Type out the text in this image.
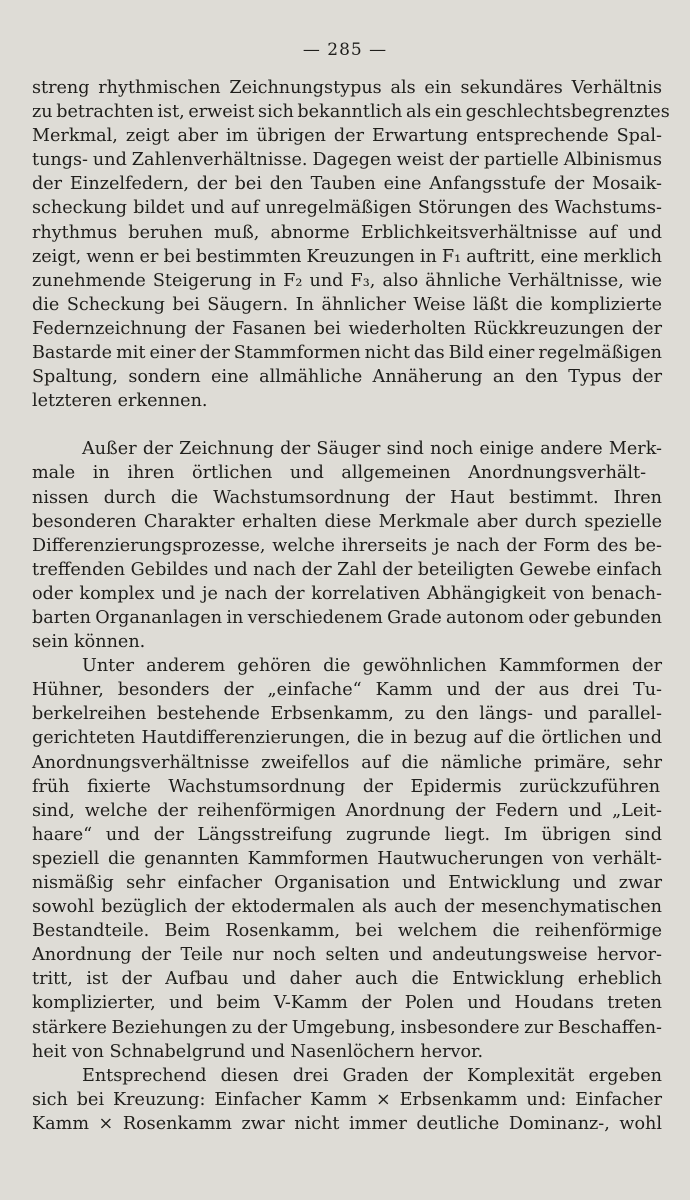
— 285 —

streng rhythmischen Zeichnungstypus als ein sekundäres Verhältnis
zu betrachten ist, erweist sich bekanntlich als ein geschlechtsbegrenztes
Merkmal, zeigt aber im übrigen der Erwartung entsprechende Spal-
tungs- und Zahlenverhältnisse. Dagegen weist der partielle Albinismus
der Einzelfedern, der bei den Tauben eine Anfangsstufe der Mosaik-
scheckung bildet und auf unregelmäßigen Störungen des Wachstums-
rhythmus beruhen muß, abnorme Erblichkeitsverhältnisse auf und
zeigt, wenn er bei bestimmten Kreuzungen in F₁ auftritt, eine merklich
zunehmende Steigerung in F₂ und F₃, also ähnliche Verhältnisse, wie
die Scheckung bei Säugern. In ähnlicher Weise läßt die komplizierte
Federnzeichnung der Fasanen bei wiederholten Rückkreuzungen der
Bastarde mit einer der Stammformen nicht das Bild einer regelmäßigen
Spaltung, sondern eine allmähliche Annäherung an den Typus der
letzteren erkennen.

Außer der Zeichnung der Säuger sind noch einige andere Merk-
male in ihren örtlichen und allgemeinen Anordnungsverhält-
nissen durch die Wachstumsordnung der Haut bestimmt. Ihren
besonderen Charakter erhalten diese Merkmale aber durch spezielle
Differenzierungsprozesse, welche ihrerseits je nach der Form des be-
treffenden Gebildes und nach der Zahl der beteiligten Gewebe einfach
oder komplex und je nach der korrelativen Abhängigkeit von benach-
barten Organanlagen in verschiedenem Grade autonom oder gebunden
sein können.

Unter anderem gehören die gewöhnlichen Kammformen der
Hühner, besonders der „einfache“ Kamm und der aus drei Tu-
berkelreihen bestehende Erbsenkamm, zu den längs- und parallel-
gerichteten Hautdifferenzierungen, die in bezug auf die örtlichen und
Anordnungsverhältnisse zweifellos auf die nämliche primäre, sehr
früh fixierte Wachstumsordnung der Epidermis zurückzuführen
sind, welche der reihenförmigen Anordnung der Federn und „Leit-
haare“ und der Längsstreifung zugrunde liegt. Im übrigen sind
speziell die genannten Kammformen Hautwucherungen von verhält-
nismäßig sehr einfacher Organisation und Entwicklung und zwar
sowohl bezüglich der ektodermalen als auch der mesenchymatischen
Bestandteile. Beim Rosenkamm, bei welchem die reihenförmige
Anordnung der Teile nur noch selten und andeutungsweise hervor-
tritt, ist der Aufbau und daher auch die Entwicklung erheblich
komplizierter, und beim V-Kamm der Polen und Houdans treten
stärkere Beziehungen zu der Umgebung, insbesondere zur Beschaffen-
heit von Schnabelgrund und Nasenlöchern hervor.

Entsprechend diesen drei Graden der Komplexität ergeben
sich bei Kreuzung: Einfacher Kamm ⨯ Erbsenkamm und: Einfacher
Kamm ⨯ Rosenkamm zwar nicht immer deutliche Dominanz-, wohl
